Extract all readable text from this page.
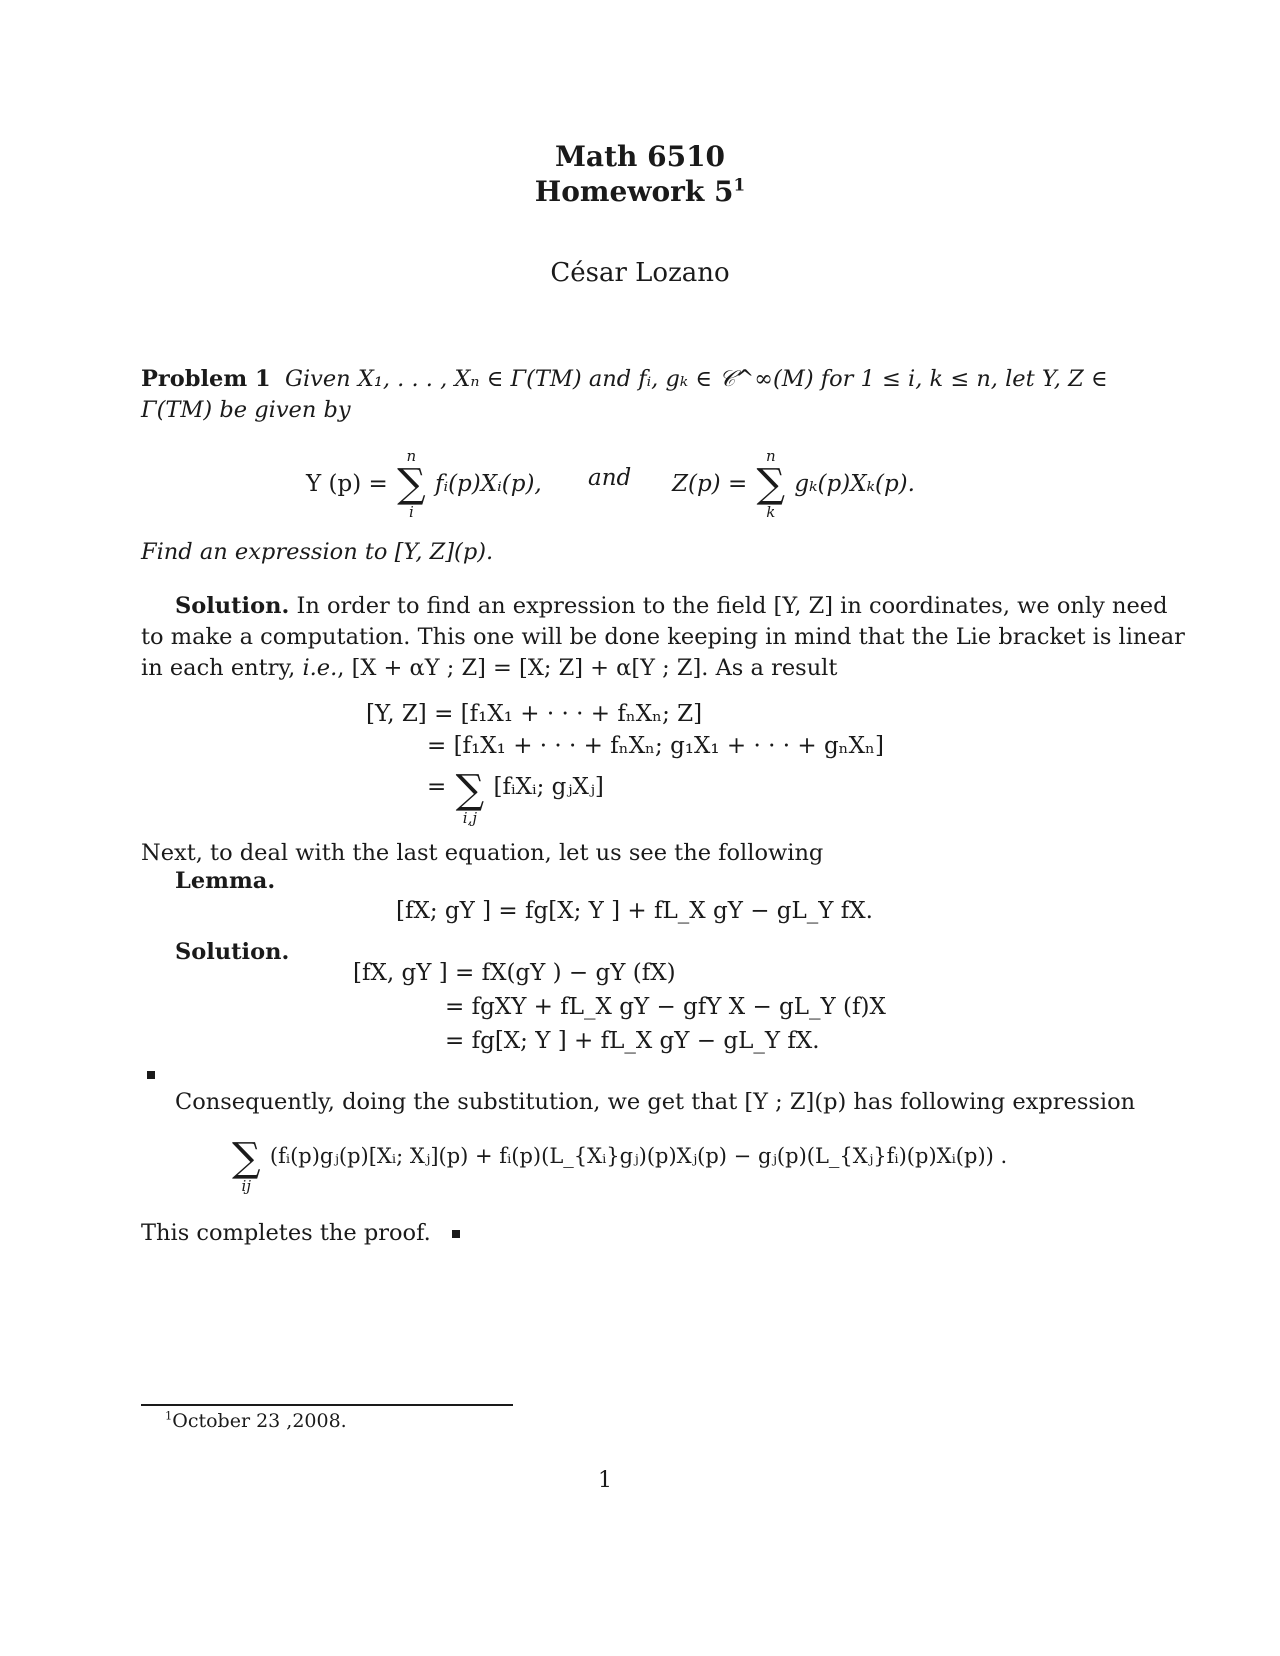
Math 6510
Homework $5^1$
César Lozano
Problem 1 Given X₁, . . . , Xₙ ∈ Γ(TM) and fᵢ, gₖ ∈ 𝒞^∞(M) for 1 ≤ i, k ≤ n, let Y, Z ∈
Γ(TM) be given by
Y (p) =
n
∑
i
fᵢ(p)Xᵢ(p), and Z(p) =
n
∑
k
gₖ(p)Xₖ(p).
Find an expression to [Y, Z](p).
Solution. In order to find an expression to the field [Y, Z] in coordinates, we only need
to make a computation. This one will be done keeping in mind that the Lie bracket is linear
in each entry, i.e., [X + αY ; Z] = [X; Z] + α[Y ; Z]. As a result
[Y, Z] = [f₁X₁ + · · · + fₙXₙ; Z]
= [f₁X₁ + · · · + fₙXₙ; g₁X₁ + · · · + gₙXₙ]
= ∑
i,j
[fᵢXᵢ; gⱼXⱼ]
Next, to deal with the last equation, let us see the following
Lemma.
[fX; gY ] = fg[X; Y ] + fL_X gY − gL_Y fX.
Solution.
[fX, gY ] = fX(gY ) − gY (fX)
= fgXY + fL_X gY − gfY X − gL_Y (f)X
= fg[X; Y ] + fL_X gY − gL_Y fX.
Consequently, doing the substitution, we get that [Y ; Z](p) has following expression
∑
ij
(fᵢ(p)gⱼ(p)[Xᵢ; Xⱼ](p) + fᵢ(p)(L_{Xᵢ}gⱼ)(p)Xⱼ(p) − gⱼ(p)(L_{Xⱼ}fᵢ)(p)Xᵢ(p)) .
This completes the proof.
$^1$October 23 ,2008.
1
